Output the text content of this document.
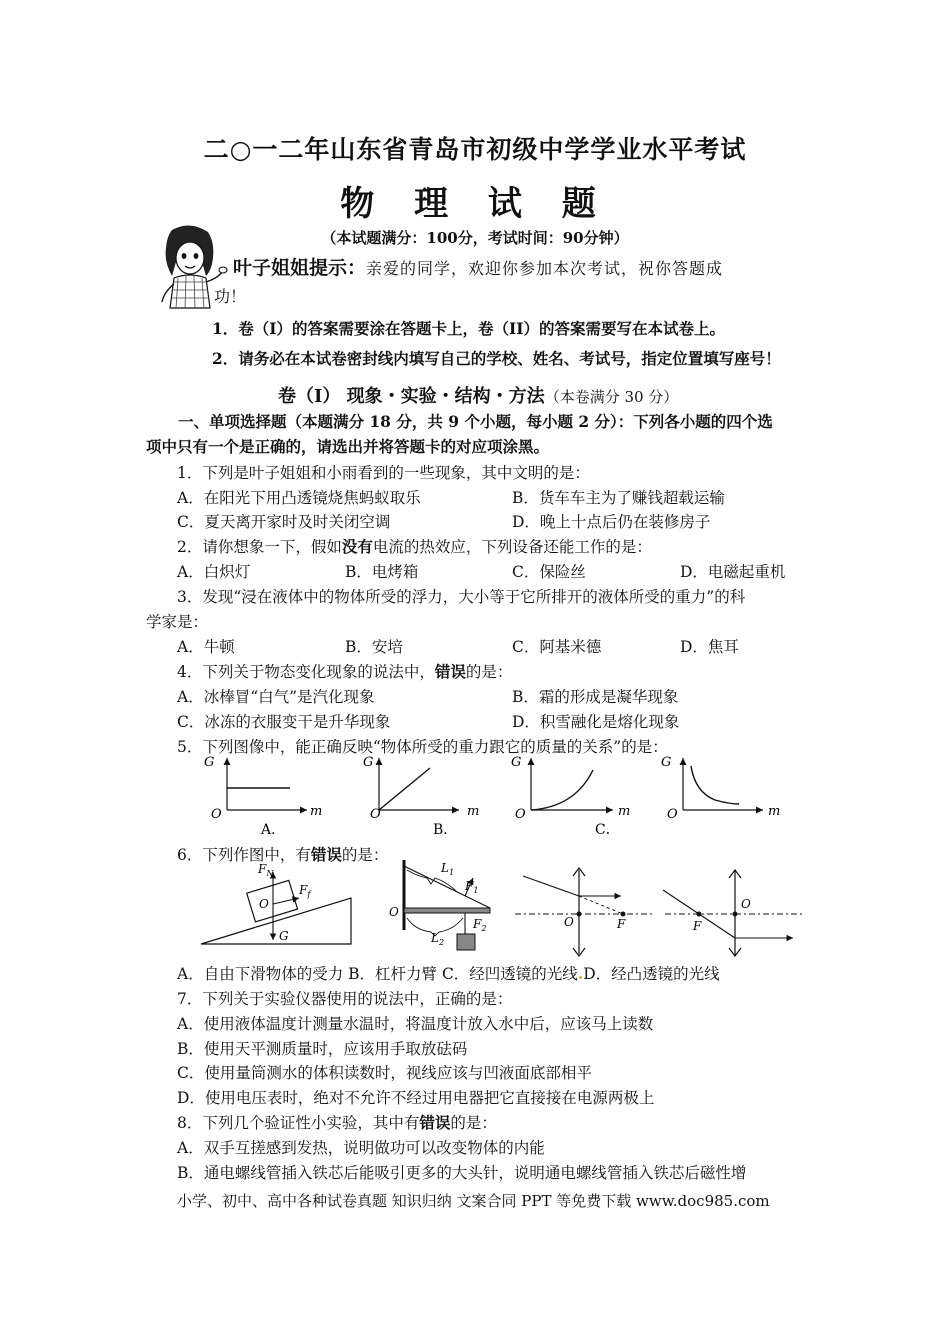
二○一二年山东省青岛市初级中学学业水平考试
物 理 试 题
（本试题满分：100分，考试时间：90分钟）
叶子姐姐提示：亲爱的同学，欢迎你参加本次考试，祝你答题成
功！
1．卷（I）的答案需要涂在答题卡上，卷（II）的答案需要写在本试卷上。
2．请务必在本试卷密封线内填写自己的学校、姓名、考试号，指定位置填写座号！
卷（I） 现象・实验・结构・方法（本卷满分 30 分）
一、单项选择题（本题满分 18 分，共 9 个小题，每小题 2 分）：下列各小题的四个选
项中只有一个是正确的，请选出并将答题卡的对应项涂黑。
1．下列是叶子姐姐和小雨看到的一些现象，其中文明的是：
A．在阳光下用凸透镜烧焦蚂蚁取乐	B．货车车主为了赚钱超载运输
C．夏天离开家时及时关闭空调	D．晚上十点后仍在装修房子
2．请你想象一下，假如没有电流的热效应，下列设备还能工作的是：
A．白炽灯	B．电烤箱	C．保险丝	D．电磁起重机
3．发现“浸在液体中的物体所受的浮力，大小等于它所排开的液体所受的重力”的科
学家是：
A．牛顿	B．安培	C．阿基米德	D．焦耳
4．下列关于物态变化现象的说法中，错误的是：
A．冰棒冒“白气”是汽化现象	B．霜的形成是凝华现象
C．冰冻的衣服变干是升华现象	D．积雪融化是熔化现象
5．下列图像中，能正确反映“物体所受的重力跟它的质量的关系”的是：
G
m
O
A．
G
m
O
B．
G
m
O
C．
G
m
O
6．下列作图中，有错误的是：
$F_N$
$F_f$
O
G
O
$L_1$
$F_1$
$L_2$
$F_2$	O	F	F
O
A．自由下滑物体的受力 B．杠杆力臂 C．经凹透镜的光线.D．经凸透镜的光线
7．下列关于实验仪器使用的说法中，正确的是：
A．使用液体温度计测量水温时，将温度计放入水中后，应该马上读数
B．使用天平测质量时，应该用手取放砝码
C．使用量筒测水的体积读数时，视线应该与凹液面底部相平
D．使用电压表时，绝对不允许不经过用电器把它直接接在电源两极上
8．下列几个验证性小实验，其中有错误的是：
A．双手互搓感到发热，说明做功可以改变物体的内能
B．通电螺线管插入铁芯后能吸引更多的大头针，说明通电螺线管插入铁芯后磁性增
小学、初中、高中各种试卷真题 知识归纳 文案合同 PPT 等免费下载 www.doc985.com
